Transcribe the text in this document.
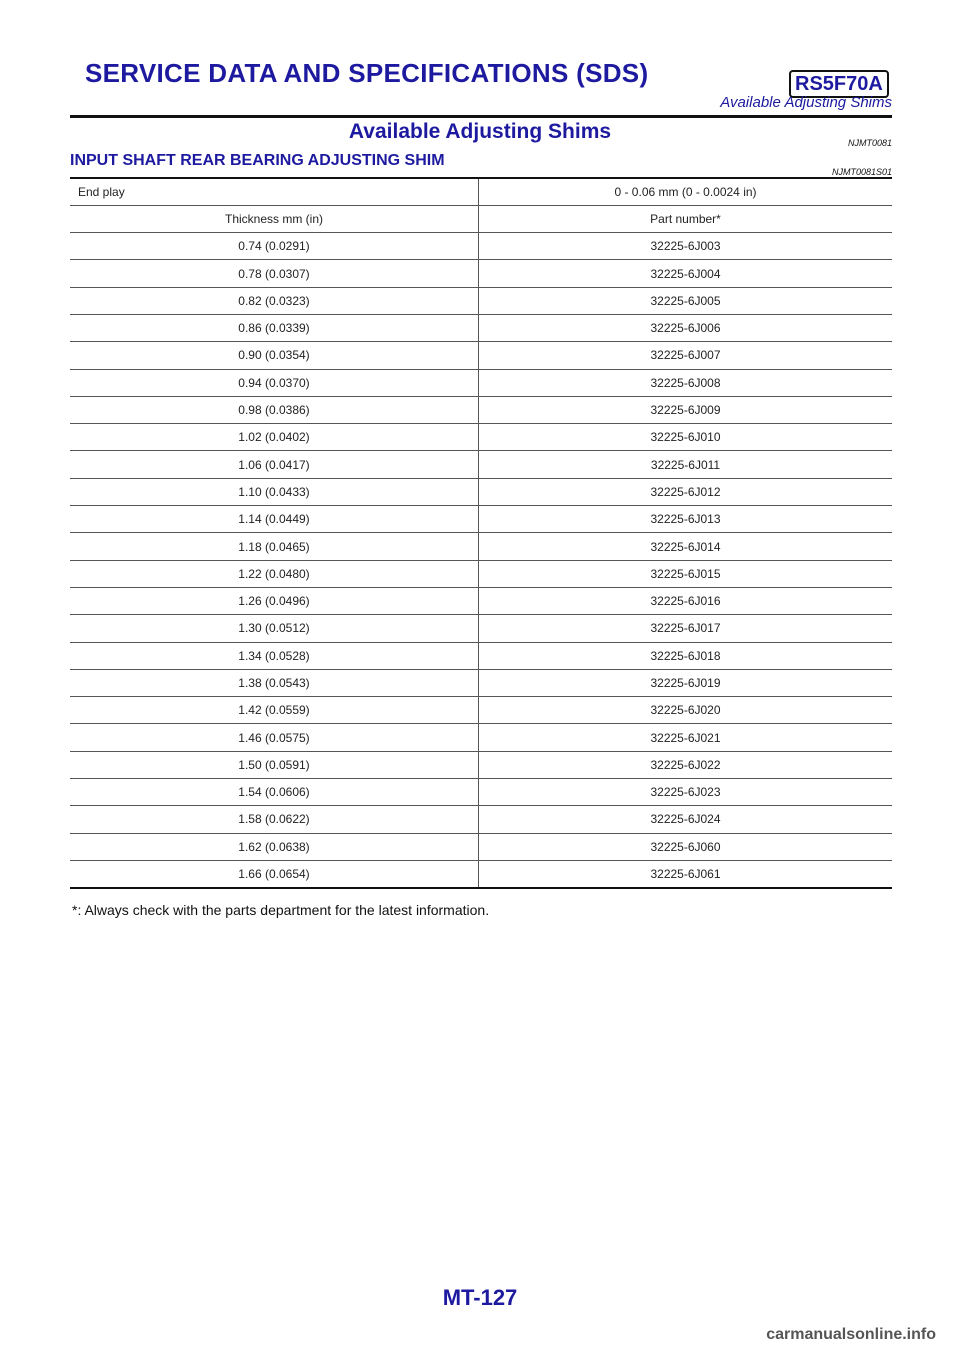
SERVICE DATA AND SPECIFICATIONS (SDS)	RS5F70A
Available Adjusting Shims
Available Adjusting Shims	NJMT0081
INPUT SHAFT REAR BEARING ADJUSTING SHIM
NJMT0081S01
End play	0 - 0.06 mm (0 - 0.0024 in)
Thickness mm (in)	Part number*
0.74 (0.0291)	32225-6J003
0.78 (0.0307)	32225-6J004
0.82 (0.0323)	32225-6J005
0.86 (0.0339)	32225-6J006
0.90 (0.0354)	32225-6J007
0.94 (0.0370)	32225-6J008
0.98 (0.0386)	32225-6J009
1.02 (0.0402)	32225-6J010
1.06 (0.0417)	32225-6J011
1.10 (0.0433)	32225-6J012
1.14 (0.0449)	32225-6J013
1.18 (0.0465)	32225-6J014
1.22 (0.0480)	32225-6J015
1.26 (0.0496)	32225-6J016
1.30 (0.0512)	32225-6J017
1.34 (0.0528)	32225-6J018
1.38 (0.0543)	32225-6J019
1.42 (0.0559)	32225-6J020
1.46 (0.0575)	32225-6J021
1.50 (0.0591)	32225-6J022
1.54 (0.0606)	32225-6J023
1.58 (0.0622)	32225-6J024
1.62 (0.0638)	32225-6J060
1.66 (0.0654)	32225-6J061
*: Always check with the parts department for the latest information.
MT-127
carmanualsonline.info
